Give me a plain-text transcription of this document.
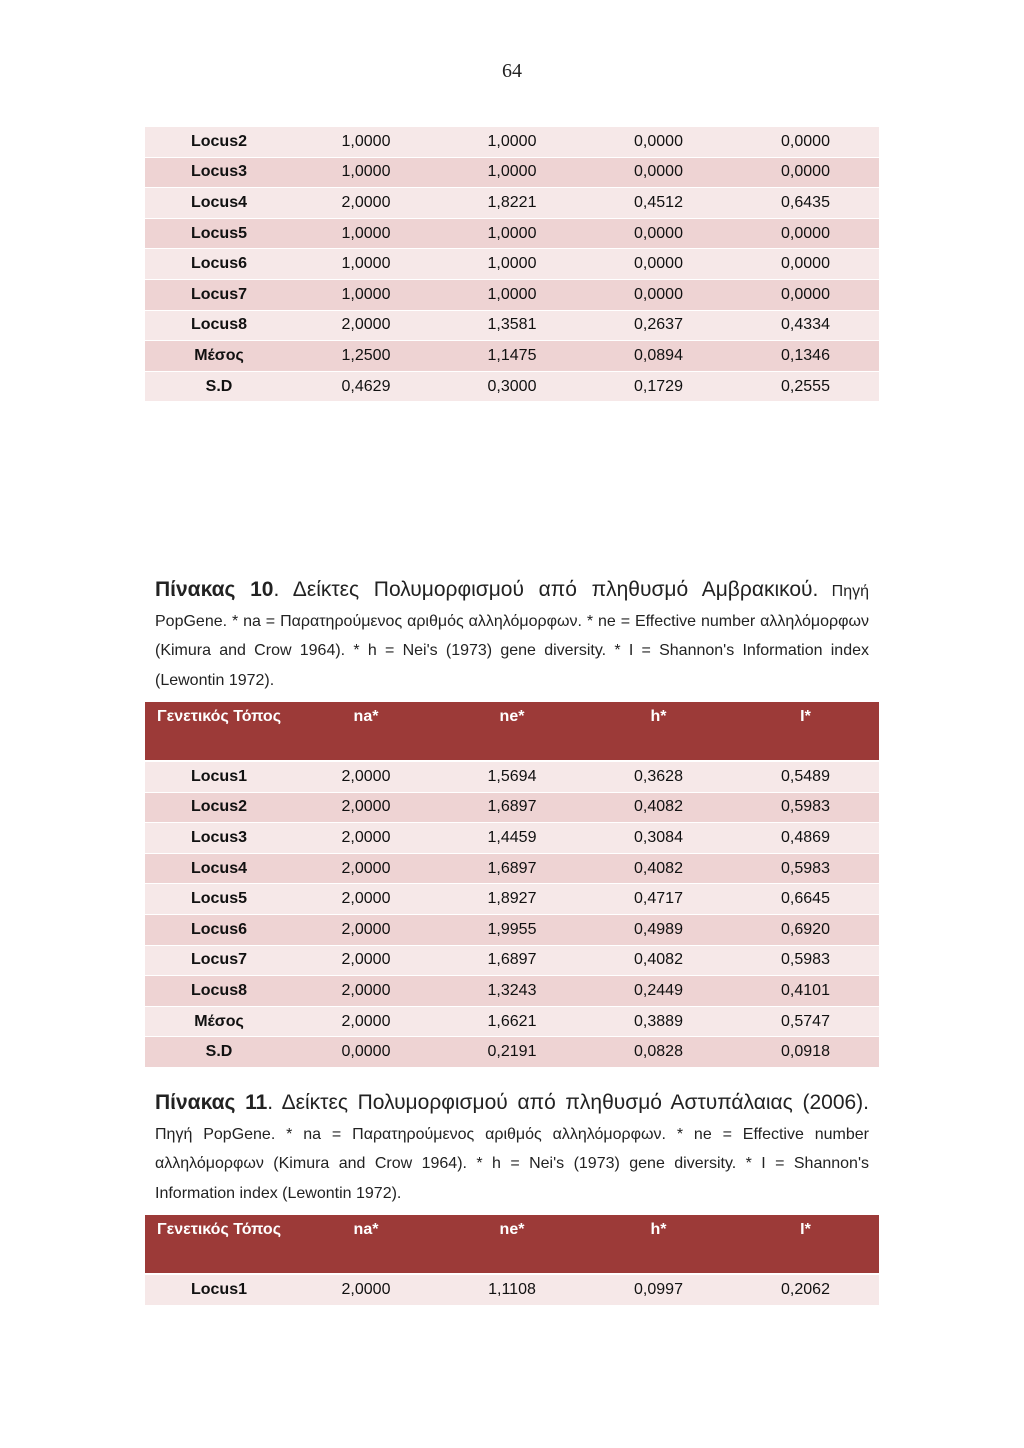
64
Locus2	1,0000	1,0000	0,0000	0,0000
Locus3	1,0000	1,0000	0,0000	0,0000
Locus4	2,0000	1,8221	0,4512	0,6435
Locus5	1,0000	1,0000	0,0000	0,0000
Locus6	1,0000	1,0000	0,0000	0,0000
Locus7	1,0000	1,0000	0,0000	0,0000
Locus8	2,0000	1,3581	0,2637	0,4334
Μέσος	1,2500	1,1475	0,0894	0,1346
S.D	0,4629	0,3000	0,1729	0,2555
Πίνακας 10. Δείκτες Πολυμορφισμού από πληθυσμό Αμβρακικού. Πηγή PopGene. * na = Παρατηρούμενος αριθμός αλληλόμορφων. * ne = Effective number αλληλόμορφων (Kimura and Crow 1964). * h = Nei's (1973) gene diversity. * I = Shannon's Information index (Lewontin 1972).
Γενετικός Τόπος	na*	ne*	h*	I*
Locus1	2,0000	1,5694	0,3628	0,5489
Locus2	2,0000	1,6897	0,4082	0,5983
Locus3	2,0000	1,4459	0,3084	0,4869
Locus4	2,0000	1,6897	0,4082	0,5983
Locus5	2,0000	1,8927	0,4717	0,6645
Locus6	2,0000	1,9955	0,4989	0,6920
Locus7	2,0000	1,6897	0,4082	0,5983
Locus8	2,0000	1,3243	0,2449	0,4101
Μέσος	2,0000	1,6621	0,3889	0,5747
S.D	0,0000	0,2191	0,0828	0,0918
Πίνακας 11. Δείκτες Πολυμορφισμού από πληθυσμό Αστυπάλαιας (2006). Πηγή PopGene. * na = Παρατηρούμενος αριθμός αλληλόμορφων. * ne = Effective number αλληλόμορφων (Kimura and Crow 1964). * h = Nei's (1973) gene diversity. * I = Shannon's Information index (Lewontin 1972).
Γενετικός Τόπος	na*	ne*	h*	I*
Locus1	2,0000	1,1108	0,0997	0,2062
